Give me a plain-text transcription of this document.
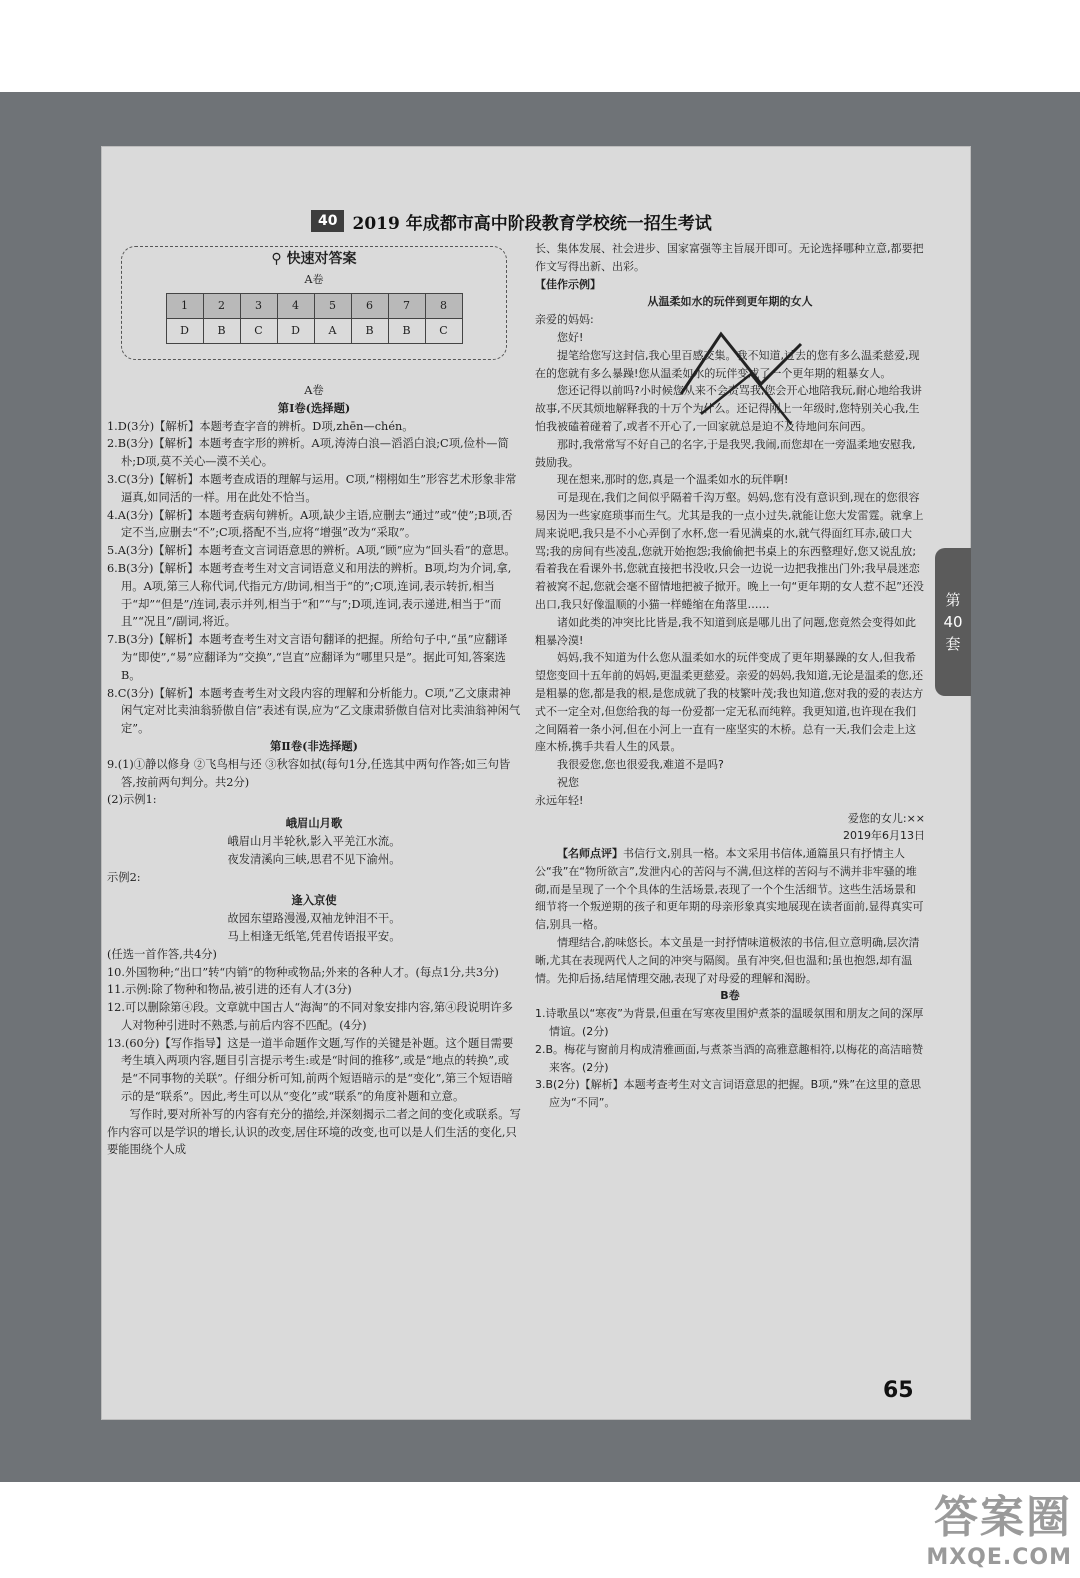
40 2019 年成都市高中阶段教育学校统一招生考试
⚲ 快速对答案
A卷
1	2	3	4	5	6	7	8
D	B	C	D	A	B	B	C

A卷

第Ⅰ卷(选择题)

1.D(3分)【解析】本题考查字音的辨析。D项,zhēn—chén。

2.B(3分)【解析】本题考查字形的辨析。A项,涛涛白浪—滔滔白浪;C项,俭朴—简朴;D项,莫不关心—漠不关心。

3.C(3分)【解析】本题考查成语的理解与运用。C项,“栩栩如生”形容艺术形象非常逼真,如同活的一样。用在此处不恰当。

4.A(3分)【解析】本题考查病句辨析。A项,缺少主语,应删去“通过”或“使”;B项,否定不当,应删去“不”;C项,搭配不当,应将“增强”改为“采取”。

5.A(3分)【解析】本题考查文言词语意思的辨析。A项,“顾”应为“回头看”的意思。

6.B(3分)【解析】本题考查考生对文言词语意义和用法的辨析。B项,均为介词,拿,用。A项,第三人称代词,代指元方/助词,相当于“的”;C项,连词,表示转折,相当于“却”“但是”/连词,表示并列,相当于“和”“与”;D项,连词,表示递进,相当于“而且”“况且”/副词,将近。

7.B(3分)【解析】本题考查考生对文言语句翻译的把握。所给句子中,“虽”应翻译为“即使”,“易”应翻译为“交换”,“岂直”应翻译为“哪里只是”。据此可知,答案选B。

8.C(3分)【解析】本题考查考生对文段内容的理解和分析能力。C项,“乙文康肃神闲气定对比卖油翁骄傲自信”表述有误,应为“乙文康肃骄傲自信对比卖油翁神闲气定”。

第Ⅱ卷(非选择题)

9.(1)①静以修身 ②飞鸟相与还 ③秋容如拭(每句1分,任选其中两句作答;如三句皆答,按前两句判分。共2分)

(2)示例1:

峨眉山月歌

峨眉山月半轮秋,影入平羌江水流。

夜发清溪向三峡,思君不见下渝州。

示例2:

逢入京使

故园东望路漫漫,双袖龙钟泪不干。

马上相逢无纸笔,凭君传语报平安。

(任选一首作答,共4分)

10.外国物种;“出口”转“内销”的物种或物品;外来的各种人才。(每点1分,共3分)

11.示例:除了物种和物品,被引进的还有人才(3分)

12.可以删除第④段。文章就中国古人“海淘”的不同对象安排内容,第④段说明许多人对物种引进时不熟悉,与前后内容不匹配。(4分)

13.(60分)【写作指导】这是一道半命题作文题,写作的关键是补题。这个题目需要考生填入两项内容,题目引言提示考生:或是“时间的推移”,或是“地点的转换”,或是“不同事物的关联”。仔细分析可知,前两个短语暗示的是“变化”,第三个短语暗示的是“联系”。因此,考生可以从“变化”或“联系”的角度补题和立意。

写作时,要对所补写的内容有充分的描绘,并深刻揭示二者之间的变化或联系。写作内容可以是学识的增长,认识的改变,居住环境的改变,也可以是人们生活的变化,只要能围绕个人成

长、集体发展、社会进步、国家富强等主旨展开即可。无论选择哪种立意,都要把作文写得出新、出彩。

【佳作示例】

从温柔如水的玩伴到更年期的女人

亲爱的妈妈:

您好!

提笔给您写这封信,我心里百感交集。我不知道,过去的您有多么温柔慈爱,现在的您就有多么暴躁!您从温柔如水的玩伴变成了一个更年期的粗暴女人。

您还记得以前吗?小时候您从来不会责骂我,您会开心地陪我玩,耐心地给我讲故事,不厌其烦地解释我的十万个为什么。还记得刚上一年级时,您特别关心我,生怕我被磕着碰着了,或者不开心了,一回家就总是迫不及待地问东问西。

那时,我常常写不好自己的名字,于是我哭,我闹,而您却在一旁温柔地安慰我,鼓励我。

现在想来,那时的您,真是一个温柔如水的玩伴啊!

可是现在,我们之间似乎隔着千沟万壑。妈妈,您有没有意识到,现在的您很容易因为一些家庭琐事而生气。尤其是我的一点小过失,就能让您大发雷霆。就拿上周来说吧,我只是不小心弄倒了水杯,您一看见满桌的水,就气得面红耳赤,破口大骂;我的房间有些凌乱,您就开始抱怨;我偷偷把书桌上的东西整理好,您又说乱放;看着我在看课外书,您就直接把书没收,只会一边说一边把我推出门外;我早晨迷恋着被窝不起,您就会毫不留情地把被子掀开。晚上一句“更年期的女人惹不起”还没出口,我只好像温顺的小猫一样蜷缩在角落里……

诸如此类的冲突比比皆是,我不知道到底是哪儿出了问题,您竟然会变得如此粗暴冷漠!

妈妈,我不知道为什么您从温柔如水的玩伴变成了更年期暴躁的女人,但我希望您变回十五年前的妈妈,更温柔更慈爱。亲爱的妈妈,我知道,无论是温柔的您,还是粗暴的您,都是我的根,是您成就了我的枝繁叶茂;我也知道,您对我的爱的表达方式不一定全对,但您给我的每一份爱都一定无私而纯粹。我更知道,也许现在我们之间隔着一条小河,但在小河上一直有一座坚实的木桥。总有一天,我们会走上这座木桥,携手共看人生的风景。

我很爱您,您也很爱我,难道不是吗?

祝您

永远年轻!

爱您的女儿:××

2019年6月13日

【名师点评】书信行文,别具一格。本文采用书信体,通篇虽只有抒情主人公“我”在“物所欲言”,发泄内心的苦闷与不满,但这样的苦闷与不满并非牢骚的堆砌,而是呈现了一个个具体的生活场景,表现了一个个生活细节。这些生活场景和细节将一个叛逆期的孩子和更年期的母亲形象真实地展现在读者面前,显得真实可信,别具一格。

情理结合,韵味悠长。本文虽是一封抒情味道极浓的书信,但立意明确,层次清晰,尤其在表现两代人之间的冲突与隔阂。虽有冲突,但也温和;虽也抱怨,却有温情。先抑后扬,结尾情理交融,表现了对母爱的理解和渴盼。

B卷

1.诗歌虽以“寒夜”为背景,但重在写寒夜里围炉煮茶的温暖氛围和朋友之间的深厚情谊。(2分)

2.B。梅花与窗前月构成清雅画面,与煮茶当酒的高雅意趣相符,以梅花的高洁暗赞来客。(2分)

3.B(2分)【解析】本题考查考生对文言词语意思的把握。B项,“殊”在这里的意思应为“不同”。

第
40
套
65
答案圈
MXQE.COM
